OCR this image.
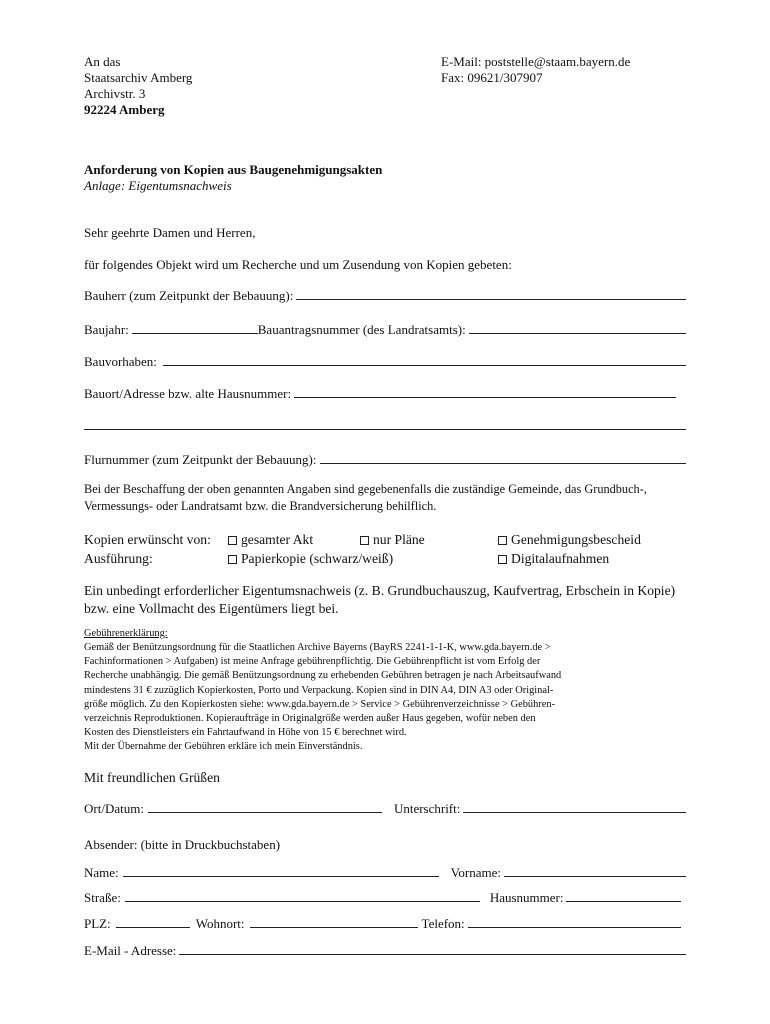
An das
Staatsarchiv Amberg
Archivstr. 3
92224 Amberg
E-Mail: poststelle@staam.bayern.de
Fax: 09621/307907
Anforderung von Kopien aus Baugenehmigungsakten
Anlage: Eigentumsnachweis
Sehr geehrte Damen und Herren,
für folgendes Objekt wird um Recherche und um Zusendung von Kopien gebeten:
Bauherr (zum Zeitpunkt der Bebauung):
Baujahr:	Bauantragsnummer (des Landratsamts):
Bauvorhaben:
Bauort/Adresse bzw. alte Hausnummer:
Flurnummer (zum Zeitpunkt der Bebauung):
Bei der Beschaffung der oben genannten Angaben sind gegebenenfalls die zuständige Gemeinde, das Grundbuch-, Vermessungs- oder Landratsamt bzw. die Brandversicherung behilflich.
Kopien erwünscht von:	gesamter Akt	nur Pläne	Genehmigungsbescheid
Ausführung:	Papierkopie (schwarz/weiß)	Digitalaufnahmen
Ein unbedingt erforderlicher Eigentumsnachweis (z. B. Grundbuchauszug, Kaufvertrag, Erbschein in Kopie) bzw. eine Vollmacht des Eigentümers liegt bei.
Gebührenerklärung:
Gemäß der Benützungsordnung für die Staatlichen Archive Bayerns (BayRS 2241-1-1-K, www.gda.bayern.de >
Fachinformationen > Aufgaben) ist meine Anfrage gebührenpflichtig. Die Gebührenpflicht ist vom Erfolg der
Recherche unabhängig. Die gemäß Benützungsordnung zu erhebenden Gebühren betragen je nach Arbeitsaufwand
mindestens 31 € zuzüglich Kopierkosten, Porto und Verpackung. Kopien sind in DIN A4, DIN A3 oder Original-
größe möglich. Zu den Kopierkosten siehe: www.gda.bayern.de > Service > Gebührenverzeichnisse > Gebühren-
verzeichnis Reproduktionen. Kopieraufträge in Originalgröße werden außer Haus gegeben, wofür neben den
Kosten des Dienstleisters ein Fahrtaufwand in Höhe von 15 € berechnet wird.
Mit der Übernahme der Gebühren erkläre ich mein Einverständnis.
Mit freundlichen Grüßen
Ort/Datum:	Unterschrift:
Absender: (bitte in Druckbuchstaben)
Name:	Vorname:
Straße:	Hausnummer:
PLZ:	Wohnort:	Telefon:
E-Mail - Adresse:
